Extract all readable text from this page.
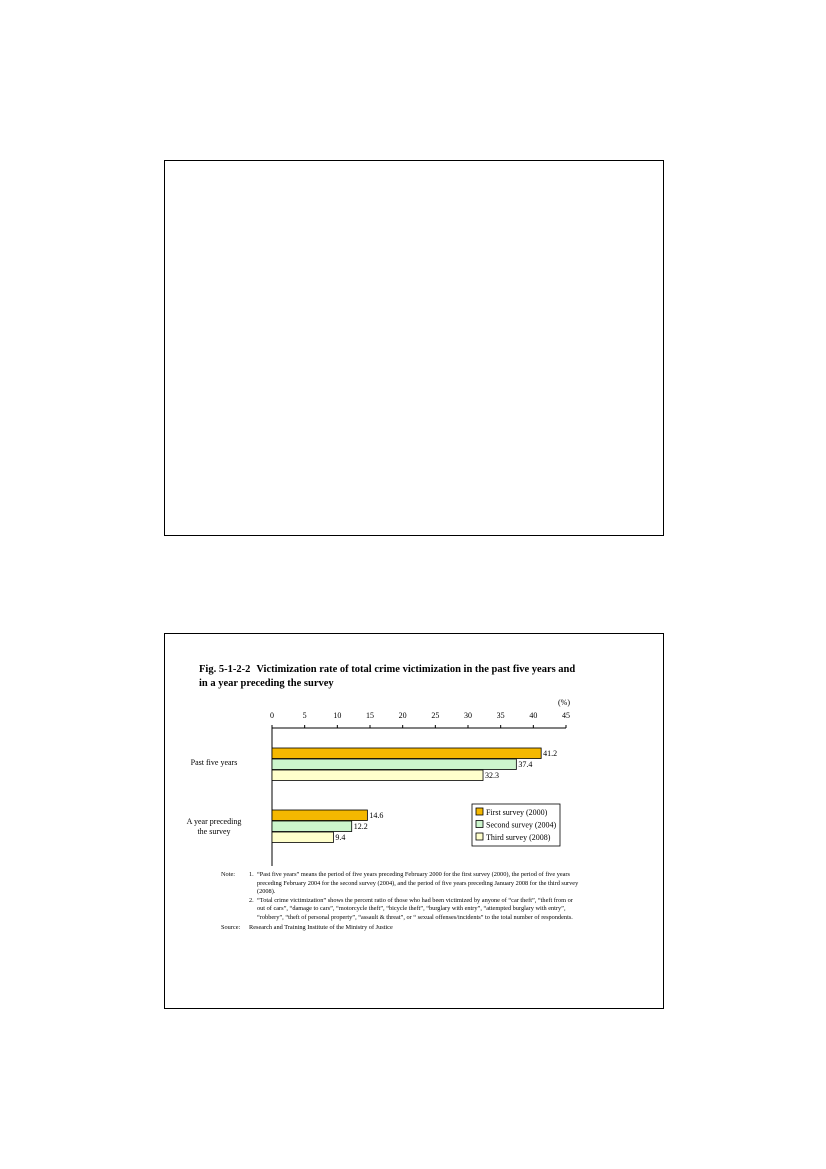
Fig. 5-1-2-2 Victimization rate of total crime victimization in the past five years and
in a year preceding the survey
(%)
0	5	10	15	20	25	30	35	40	45
Past five years
41.2
37.4
32.3
A year preceding
the survey
14.6
12.2
9.4
First survey (2000)
Second survey (2004)
Third survey (2008)
Note:	1. “Past five years” means the period of five years preceding February 2000 for the first survey (2000), the period of five years preceding February 2004 for the second survey (2004), and the period of five years preceding January 2008 for the third survey (2008).
2. “Total crime victimization” shows the percent ratio of those who had been victimized by anyone of “car theft”, “theft from or out of cars”, “damage to cars”, “motorcycle theft”, “bicycle theft”, “burglary with entry”, “attempted burglary with entry”, “robbery”, “theft of personal property”, “assault & threat”, or “ sexual offenses/incidents” to the total number of respondents.
Source:	Research and Training Institute of the Ministry of Justice
